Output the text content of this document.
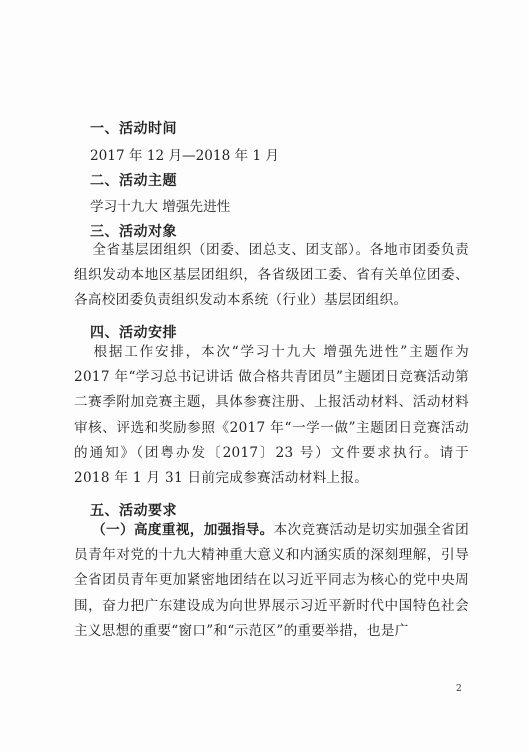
一、活动时间
2017 年 12 月—2018 年 1 月
二、活动主题
学习十九大 增强先进性
三、活动对象
全省基层团组织（团委、团总支、团支部）。各地市团委负责组织发动本地区基层团组织，各省级团工委、省有关单位团委、各高校团委负责组织发动本系统（行业）基层团组织。
四、活动安排
根据工作安排，本次“学习十九大 增强先进性”主题作为 2017 年“学习总书记讲话 做合格共青团员”主题团日竞赛活动第二赛季附加竞赛主题，具体参赛注册、上报活动材料、活动材料审核、评选和奖励参照《2017 年“一学一做”主题团日竞赛活动的通知》（团粤办发〔2017〕23 号）文件要求执行。请于 2018 年 1 月 31 日前完成参赛活动材料上报。
五、活动要求
（一）高度重视，加强指导。本次竞赛活动是切实加强全省团员青年对党的十九大精神重大意义和内涵实质的深刻理解，引导全省团员青年更加紧密地团结在以习近平同志为核心的党中央周围，奋力把广东建设成为向世界展示习近平新时代中国特色社会主义思想的重要“窗口”和“示范区”的重要举措，也是广
2
